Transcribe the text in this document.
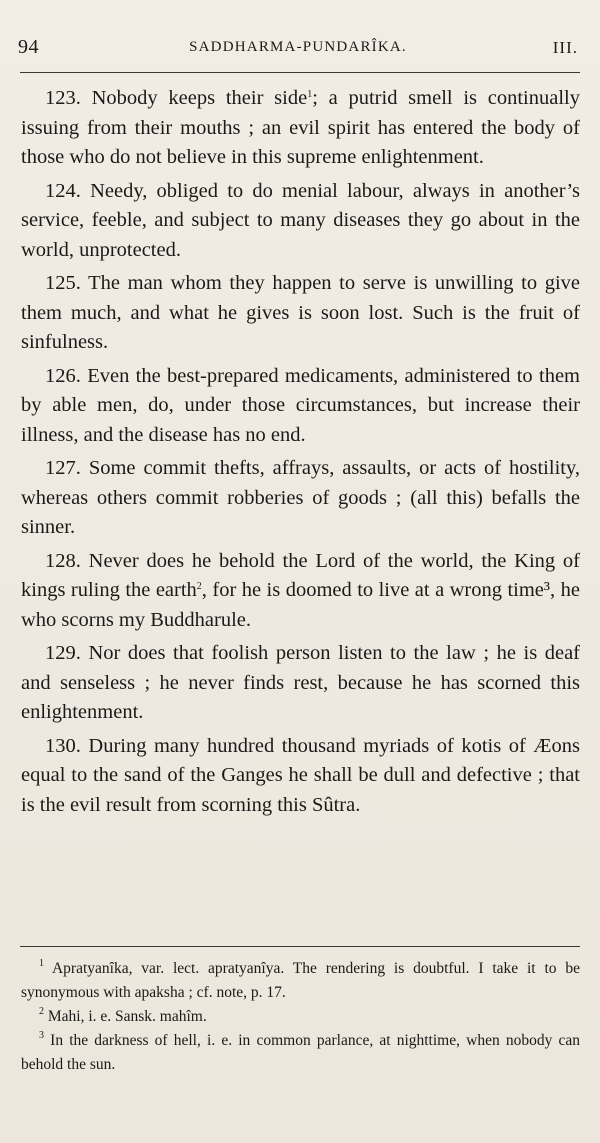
94	SADDHARMA-PUNDARÎKA.	III.

123. Nobody keeps their side$^1$; a putrid smell is continually issuing from their mouths ; an evil spirit has entered the body of those who do not believe in this supreme enlightenment.

124. Needy, obliged to do menial labour, always in another’s service, feeble, and subject to many diseases they go about in the world, unprotected.

125. The man whom they happen to serve is unwilling to give them much, and what he gives is soon lost. Such is the fruit of sinfulness.

126. Even the best-prepared medicaments, administered to them by able men, do, under those circumstances, but increase their illness, and the disease has no end.

127. Some commit thefts, affrays, assaults, or acts of hostility, whereas others commit robberies of goods ; (all this) befalls the sinner.

128. Never does he behold the Lord of the world, the King of kings ruling the earth$^2$, for he is doomed to live at a wrong time³, he who scorns my Buddharule.

129. Nor does that foolish person listen to the law ; he is deaf and senseless ; he never finds rest, because he has scorned this enlightenment.

130. During many hundred thousand myriads of kotis of Æons equal to the sand of the Ganges he shall be dull and defective ; that is the evil result from scorning this Sûtra.

$^1$ Apratyanîka, var. lect. apratyanîya. The rendering is doubtful. I take it to be synonymous with apaksha ; cf. note, p. 17.

$^2$ Mahi, i. e. Sansk. mahîm.

$^3$ In the darkness of hell, i. e. in common parlance, at nighttime, when nobody can behold the sun.
